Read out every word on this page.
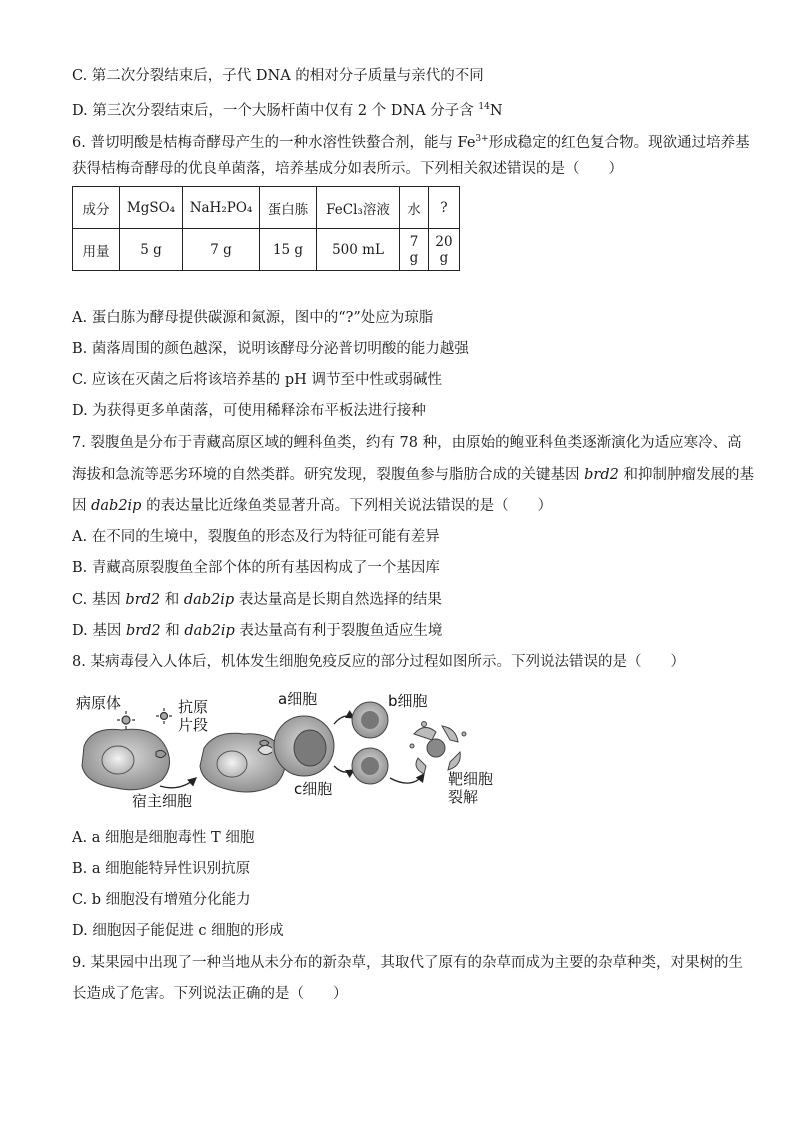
C. 第二次分裂结束后，子代 DNA 的相对分子质量与亲代的不同
D. 第三次分裂结束后，一个大肠杆菌中仅有 2 个 DNA 分子含 $^{14}$N
6. 普切明酸是桔梅奇酵母产生的一种水溶性铁螯合剂，能与 $Fe^{3+}$形成稳定的红色复合物。现欲通过培养基
获得桔梅奇酵母的优良单菌落，培养基成分如表所示。下列相关叙述错误的是（　　）
成分	MgSO₄	NaH₂PO₄	蛋白胨	FeCl₃溶液	水	?
用量	5 g	7 g	15 g	500 mL	7 g	20 g
A. 蛋白胨为酵母提供碳源和氮源，图中的“?”处应为琼脂
B. 菌落周围的颜色越深，说明该酵母分泌普切明酸的能力越强
C. 应该在灭菌之后将该培养基的 pH 调节至中性或弱碱性
D. 为获得更多单菌落，可使用稀释涂布平板法进行接种
7. 裂腹鱼是分布于青藏高原区域的鲤科鱼类，约有 78 种，由原始的鲍亚科鱼类逐渐演化为适应寒冷、高
海拔和急流等恶劣环境的自然类群。研究发现，裂腹鱼参与脂肪合成的关键基因 brd2 和抑制肿瘤发展的基
因 dab2ip 的表达量比近缘鱼类显著升高。下列相关说法错误的是（　　）
A. 在不同的生境中，裂腹鱼的形态及行为特征可能有差异
B. 青藏高原裂腹鱼全部个体的所有基因构成了一个基因库
C. 基因 brd2 和 dab2ip 表达量高是长期自然选择的结果
D. 基因 brd2 和 dab2ip 表达量高有利于裂腹鱼适应生境
8. 某病毒侵入人体后，机体发生细胞免疫反应的部分过程如图所示。下列说法错误的是（　　）
病原体	抗原
片段
a细胞	b细胞
c细胞
宿主细胞
靶细胞
裂解
A. a 细胞是细胞毒性 T 细胞
B. a 细胞能特异性识别抗原
C. b 细胞没有增殖分化能力
D. 细胞因子能促进 c 细胞的形成
9. 某果园中出现了一种当地从未分布的新杂草，其取代了原有的杂草而成为主要的杂草种类，对果树的生
长造成了危害。下列说法正确的是（　　）
